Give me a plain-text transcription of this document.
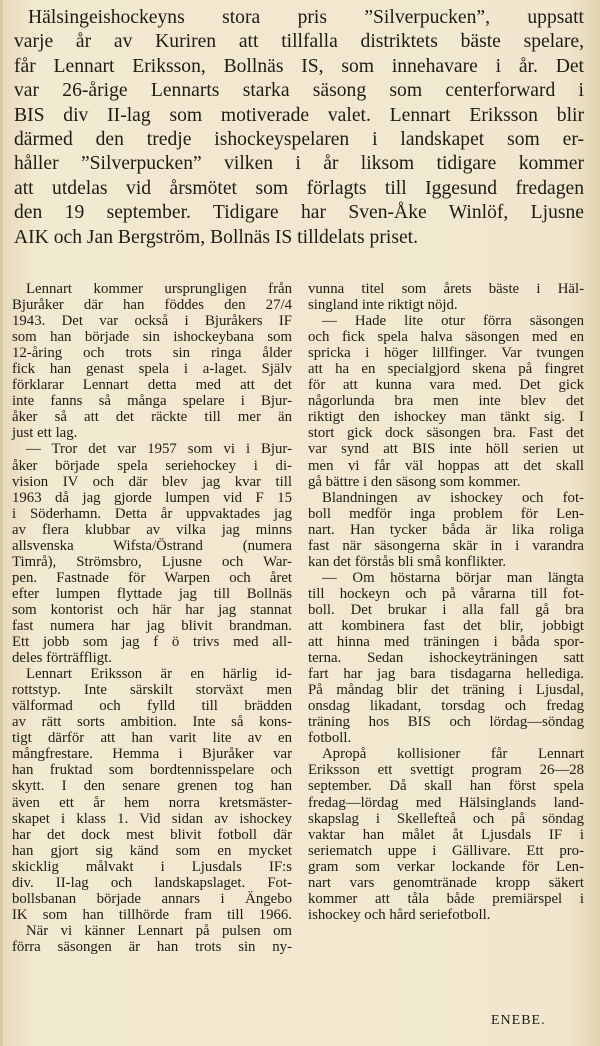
Hälsingeishockeyns stora pris ”Silverpucken”, uppsatt
varje år av Kuriren att tillfalla distriktets bäste spelare,
får Lennart Eriksson, Bollnäs IS, som innehavare i år. Det
var 26-årige Lennarts starka säsong som centerforward i
BIS div II-lag som motiverade valet. Lennart Eriksson blir
därmed den tredje ishockeyspelaren i landskapet som er-
håller ”Silverpucken” vilken i år liksom tidigare kommer
att utdelas vid årsmötet som förlagts till Iggesund fredagen
den 19 september. Tidigare har Sven-Åke Winlöf, Ljusne
AIK och Jan Bergström, Bollnäs IS tilldelats priset.
Lennart kommer ursprungligen från
Bjuråker där han föddes den 27/4
1943. Det var också i Bjuråkers IF
som han började sin ishockeybana som
12-åring och trots sin ringa ålder
fick han genast spela i a-laget. Själv
förklarar Lennart detta med att det
inte fanns så många spelare i Bjur-
åker så att det räckte till mer än
just ett lag.
— Tror det var 1957 som vi i Bjur-
åker började spela seriehockey i di-
vision IV och där blev jag kvar till
1963 då jag gjorde lumpen vid F 15
i Söderhamn. Detta år uppvaktades jag
av flera klubbar av vilka jag minns
allsvenska Wifsta/Östrand (numera
Timrå), Strömsbro, Ljusne och War-
pen. Fastnade för Warpen och året
efter lumpen flyttade jag till Bollnäs
som kontorist och här har jag stannat
fast numera har jag blivit brandman.
Ett jobb som jag f ö trivs med all-
deles förträffligt.
Lennart Eriksson är en härlig id-
rottstyp. Inte särskilt storväxt men
välformad och fylld till brädden
av rätt sorts ambition. Inte så kons-
tigt därför att han varit lite av en
mångfrestare. Hemma i Bjuråker var
han fruktad som bordtennisspelare och
skytt. I den senare grenen tog han
även ett år hem norra kretsmäster-
skapet i klass 1. Vid sidan av ishockey
har det dock mest blivit fotboll där
han gjort sig känd som en mycket
skicklig målvakt i Ljusdals IF:s
div. II-lag och landskapslaget. Fot-
bollsbanan började annars i Ängebo
IK som han tillhörde fram till 1966.
När vi känner Lennart på pulsen om
förra säsongen är han trots sin ny-
vunna titel som årets bäste i Häl-
singland inte riktigt nöjd.
— Hade lite otur förra säsongen
och fick spela halva säsongen med en
spricka i höger lillfinger. Var tvungen
att ha en specialgjord skena på fingret
för att kunna vara med. Det gick
någorlunda bra men inte blev det
riktigt den ishockey man tänkt sig. I
stort gick dock säsongen bra. Fast det
var synd att BIS inte höll serien ut
men vi får väl hoppas att det skall
gå bättre i den säsong som kommer.
Blandningen av ishockey och fot-
boll medför inga problem för Len-
nart. Han tycker båda är lika roliga
fast när säsongerna skär in i varandra
kan det förstås bli små konflikter.
— Om höstarna börjar man längta
till hockeyn och på vårarna till fot-
boll. Det brukar i alla fall gå bra
att kombinera fast det blir, jobbigt
att hinna med träningen i båda spor-
terna. Sedan ishockeyträningen satt
fart har jag bara tisdagarna hellediga.
På måndag blir det träning i Ljusdal,
onsdag likadant, torsdag och fredag
träning hos BIS och lördag—söndag
fotboll.
Apropå kollisioner får Lennart
Eriksson ett svettigt program 26—28
september. Då skall han först spela
fredag—lördag med Hälsinglands land-
skapslag i Skellefteå och på söndag
vaktar han målet åt Ljusdals IF i
seriematch uppe i Gällivare. Ett pro-
gram som verkar lockande för Len-
nart vars genomtränade kropp säkert
kommer att tåla både premiärspel i
ishockey och hård seriefotboll.
ENEBE.
